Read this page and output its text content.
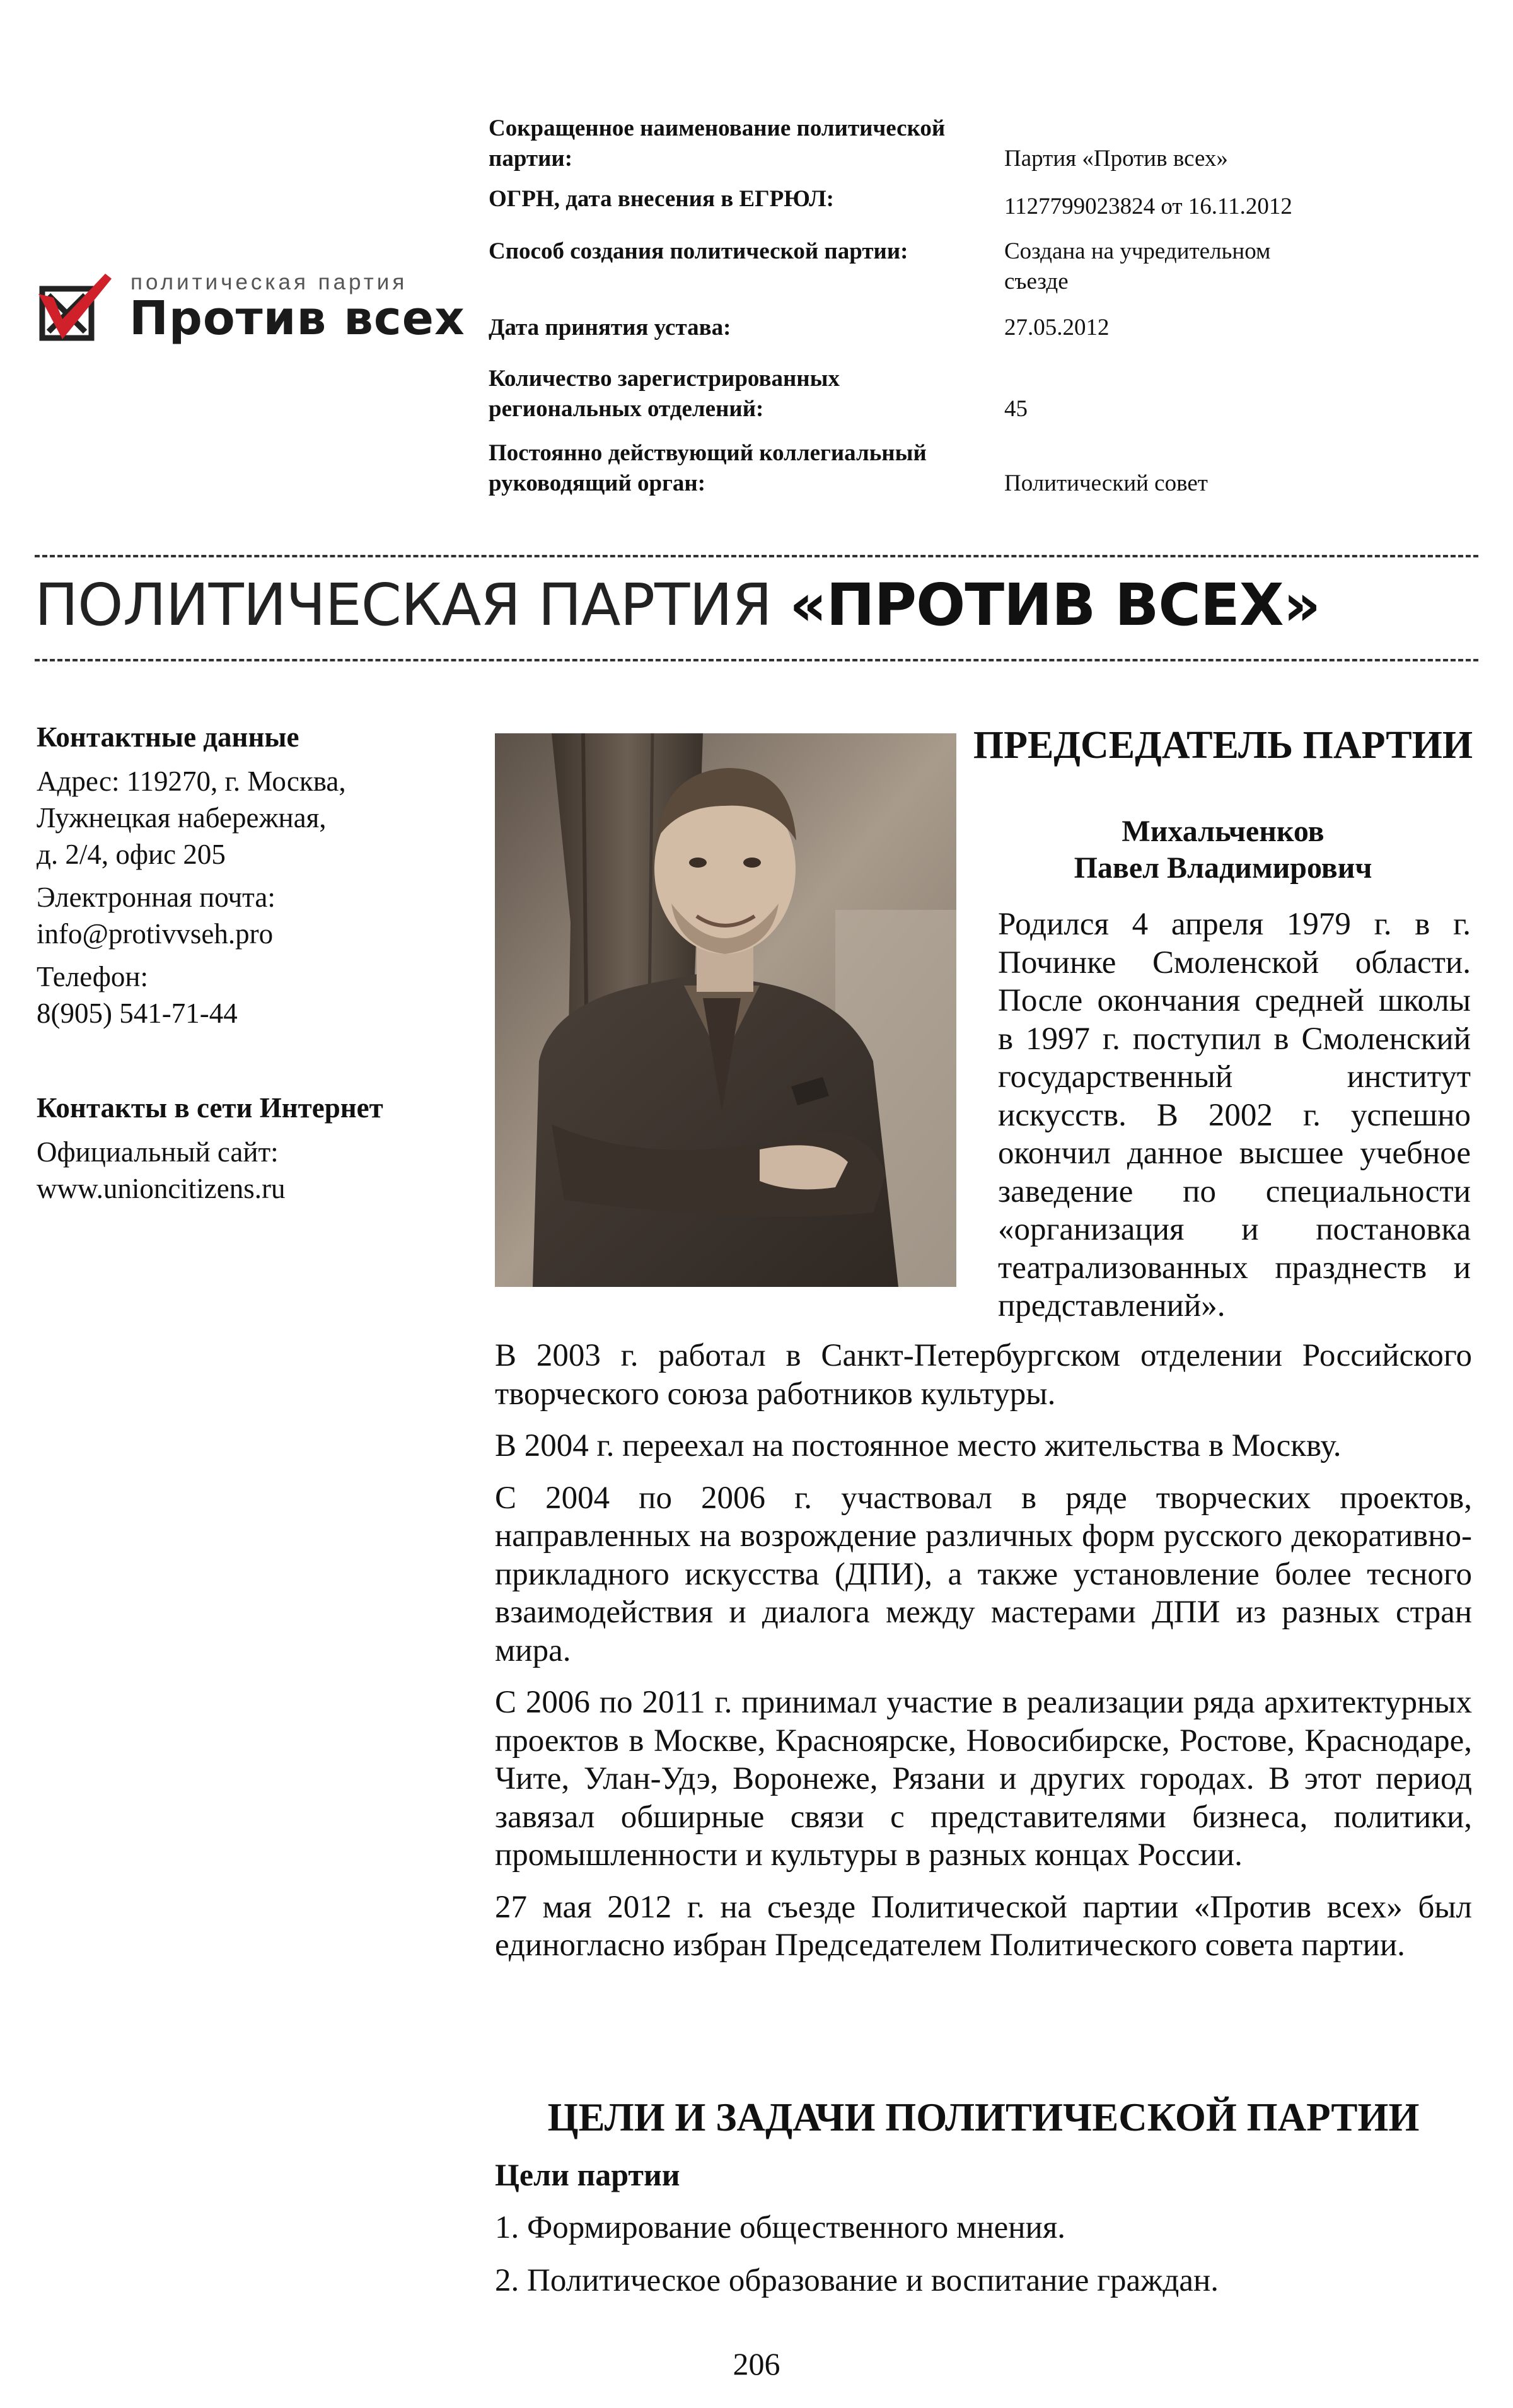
политическая партия
Против всех
Сокращенное наименование политической партии:	Партия «Против всех»
ОГРН, дата внесения в ЕГРЮЛ:	1127799023824 от 16.11.2012
Способ создания политической партии:	Создана на учредительном съезде
Дата принятия устава:	27.05.2012
Количество зарегистрированных региональных отделений:	45
Постоянно действующий коллегиальный руководящий орган:	Политический совет
ПОЛИТИЧЕСКАЯ ПАРТИЯ «ПРОТИВ ВСЕХ»

Контактные данные

Адрес: 119270, г. Москва,

Лужнецкая набережная,

д. 2/4, офис 205

Электронная почта:

info@protivvseh.pro

Телефон:

8(905) 541-71-44

Контакты в сети Интернет

Официальный сайт:

www.unioncitizens.ru

ПРЕДСЕДАТЕЛЬ ПАРТИИ
Михальченков
Павел Владимирович
Родился 4 апреля 1979 г. в г. Починке Смоленской области. После окончания средней школы в 1997 г. поступил в Смоленский государственный институт искусств. В 2002 г. успешно окончил данное высшее учебное заведение по специальности «организация и постановка театрализованных празднеств и представлений».

В 2003 г. работал в Санкт-Петербургском отделении Российского творческого союза работников культуры.

В 2004 г. переехал на постоянное место жительства в Москву.

С 2004 по 2006 г. участвовал в ряде творческих проектов, направленных на возрождение различных форм русского декоративно-прикладного искусства (ДПИ), а также установление более тесного взаимодействия и диалога между мастерами ДПИ из разных стран мира.

С 2006 по 2011 г. принимал участие в реализации ряда архитектурных проектов в Москве, Красноярске, Новосибирске, Ростове, Краснодаре, Чите, Улан-Удэ, Воронеже, Рязани и других городах. В этот период завязал обширные связи с представителями бизнеса, политики, промышленности и культуры в разных концах России.

27 мая 2012 г. на съезде Политической партии «Против всех» был единогласно избран Председателем Политического совета партии.

ЦЕЛИ И ЗАДАЧИ ПОЛИТИЧЕСКОЙ ПАРТИИ
Цели партии
1. Формирование общественного мнения.
2. Политическое образование и воспитание граждан.
206
